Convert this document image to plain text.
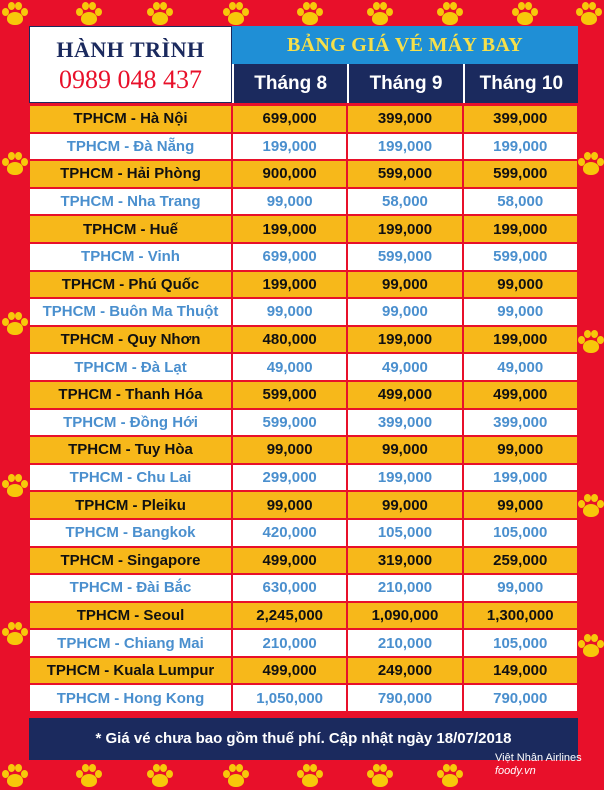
HÀNH TRÌNH
0989 048 437
BẢNG GIÁ VÉ MÁY BAY
Tháng 8	Tháng 9	Tháng 10
TPHCM - Hà Nội	699,000	399,000	399,000
TPHCM - Đà Nẵng	199,000	199,000	199,000
TPHCM - Hải Phòng	900,000	599,000	599,000
TPHCM - Nha Trang	99,000	58,000	58,000
TPHCM - Huế	199,000	199,000	199,000
TPHCM - Vinh	699,000	599,000	599,000
TPHCM - Phú Quốc	199,000	99,000	99,000
TPHCM - Buôn Ma Thuột	99,000	99,000	99,000
TPHCM - Quy Nhơn	480,000	199,000	199,000
TPHCM - Đà Lạt	49,000	49,000	49,000
TPHCM - Thanh Hóa	599,000	499,000	499,000
TPHCM - Đồng Hới	599,000	399,000	399,000
TPHCM - Tuy Hòa	99,000	99,000	99,000
TPHCM - Chu Lai	299,000	199,000	199,000
TPHCM - Pleiku	99,000	99,000	99,000
TPHCM - Bangkok	420,000	105,000	105,000
TPHCM - Singapore	499,000	319,000	259,000
TPHCM - Đài Bắc	630,000	210,000	99,000
TPHCM - Seoul	2,245,000	1,090,000	1,300,000
TPHCM - Chiang Mai	210,000	210,000	105,000
TPHCM - Kuala Lumpur	499,000	249,000	149,000
TPHCM - Hong Kong	1,050,000	790,000	790,000
* Giá vé chưa bao gồm thuế phí. Cập nhật ngày 18/07/2018
Việt Nhân Airlines
foody.vn
